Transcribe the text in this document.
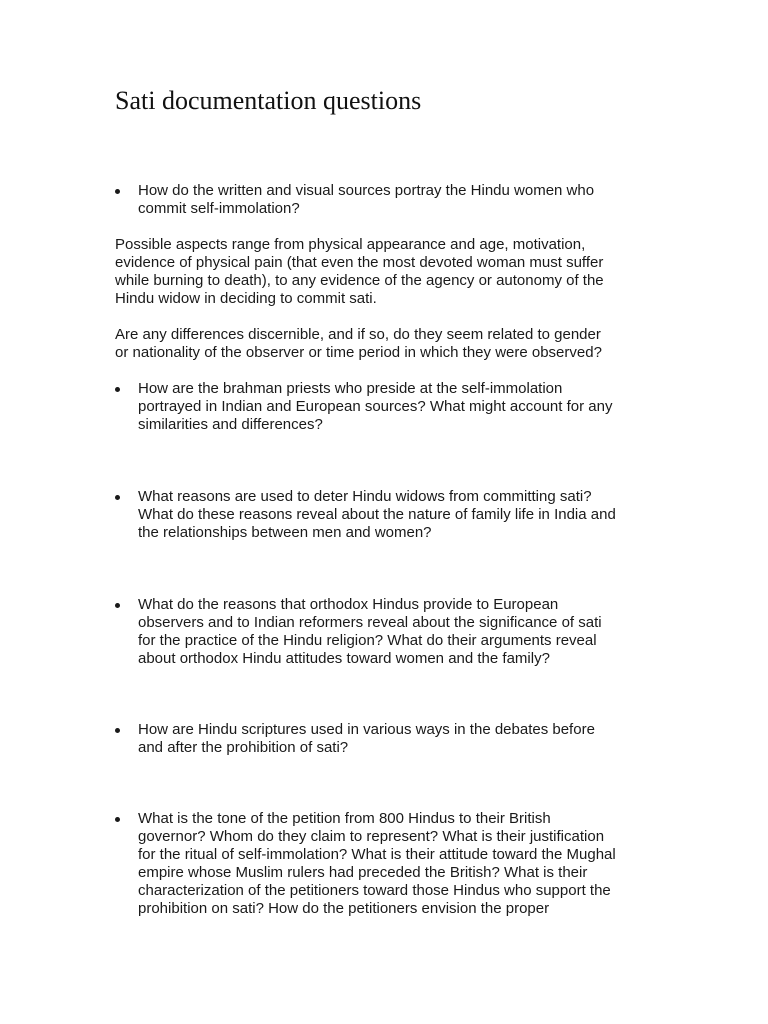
Sati documentation questions
How do the written and visual sources portray the Hindu women who
commit self-immolation?
Possible aspects range from physical appearance and age, motivation,
evidence of physical pain (that even the most devoted woman must suffer
while burning to death), to any evidence of the agency or autonomy of the
Hindu widow in deciding to commit sati.
Are any differences discernible, and if so, do they seem related to gender
or nationality of the observer or time period in which they were observed?
How are the brahman priests who preside at the self-immolation
portrayed in Indian and European sources? What might account for any
similarities and differences?
What reasons are used to deter Hindu widows from committing sati?
What do these reasons reveal about the nature of family life in India and
the relationships between men and women?
What do the reasons that orthodox Hindus provide to European
observers and to Indian reformers reveal about the significance of sati
for the practice of the Hindu religion? What do their arguments reveal
about orthodox Hindu attitudes toward women and the family?
How are Hindu scriptures used in various ways in the debates before
and after the prohibition of sati?
What is the tone of the petition from 800 Hindus to their British
governor? Whom do they claim to represent? What is their justification
for the ritual of self-immolation? What is their attitude toward the Mughal
empire whose Muslim rulers had preceded the British? What is their
characterization of the petitioners toward those Hindus who support the
prohibition on sati? How do the petitioners envision the proper
